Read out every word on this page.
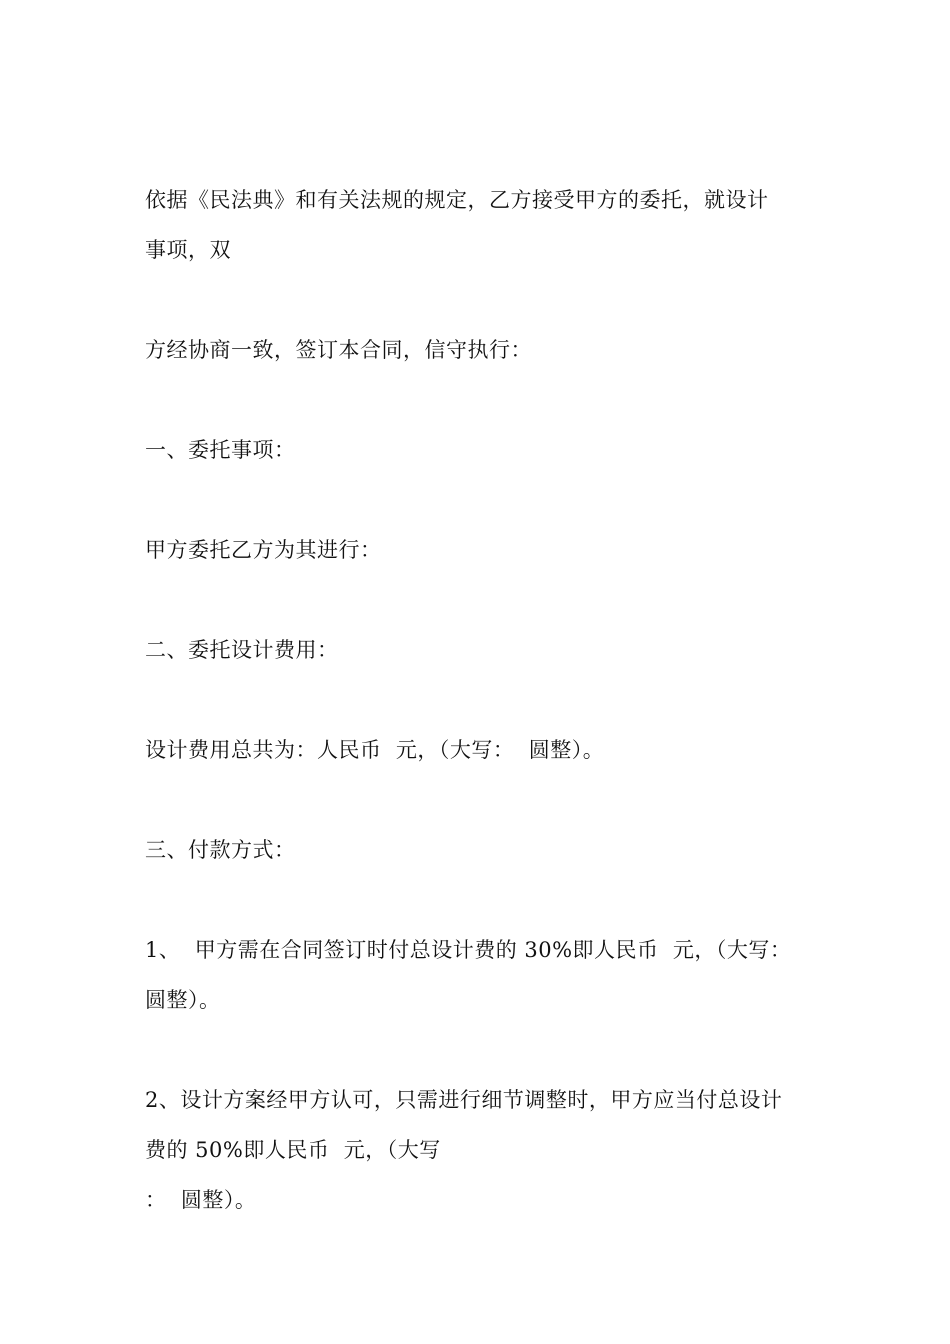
依据《民法典》和有关法规的规定，乙方接受甲方的委托，就设计
事项，双
方经协商一致，签订本合同，信守执行：
一、委托事项：
甲方委托乙方为其进行：
二、委托设计费用：
设计费用总共为：人民币  元，（大写：  圆整）。
三、付款方式：
1、  甲方需在合同签订时付总设计费的 30%即人民币  元，（大写：
圆整）。
2、设计方案经甲方认可，只需进行细节调整时，甲方应当付总设计
费的 50%即人民币  元，（大写
：  圆整）。
